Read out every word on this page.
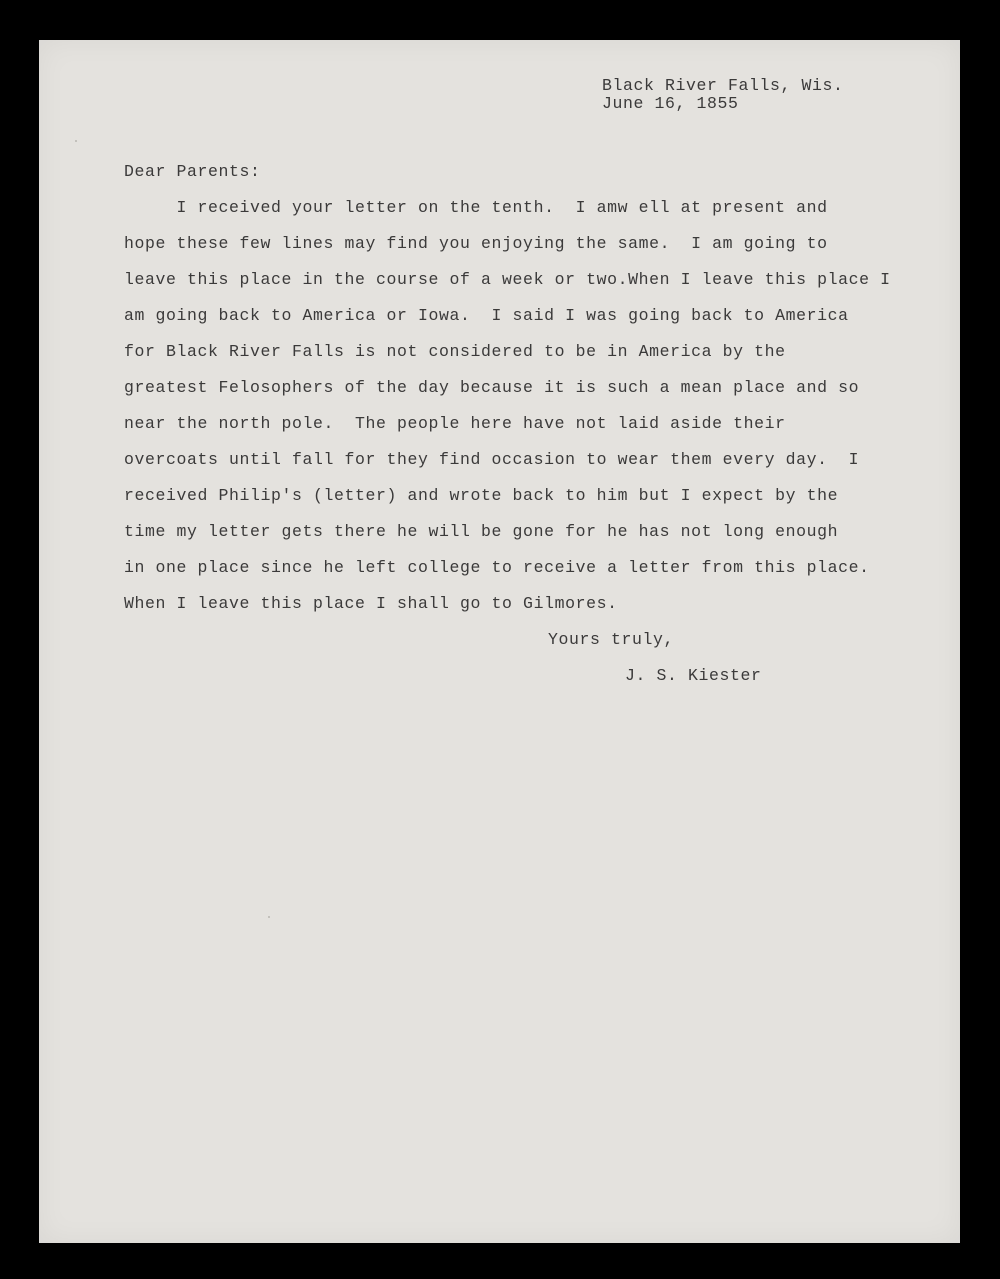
Black River Falls, Wis.
June 16, 1855
Dear Parents:
I received your letter on the tenth.  I amw ell at present and
hope these few lines may find you enjoying the same.  I am going to
leave this place in the course of a week or two.When I leave this place I
am going back to America or Iowa.  I said I was going back to America
for Black River Falls is not considered to be in America by the
greatest Felosophers of the day because it is such a mean place and so
near the north pole.  The people here have not laid aside their
overcoats until fall for they find occasion to wear them every day.  I
received Philip's (letter) and wrote back to him but I expect by the
time my letter gets there he will be gone for he has not long enough
in one place since he left college to receive a letter from this place.
When I leave this place I shall go to Gilmores.
Yours truly,
J. S. Kiester
